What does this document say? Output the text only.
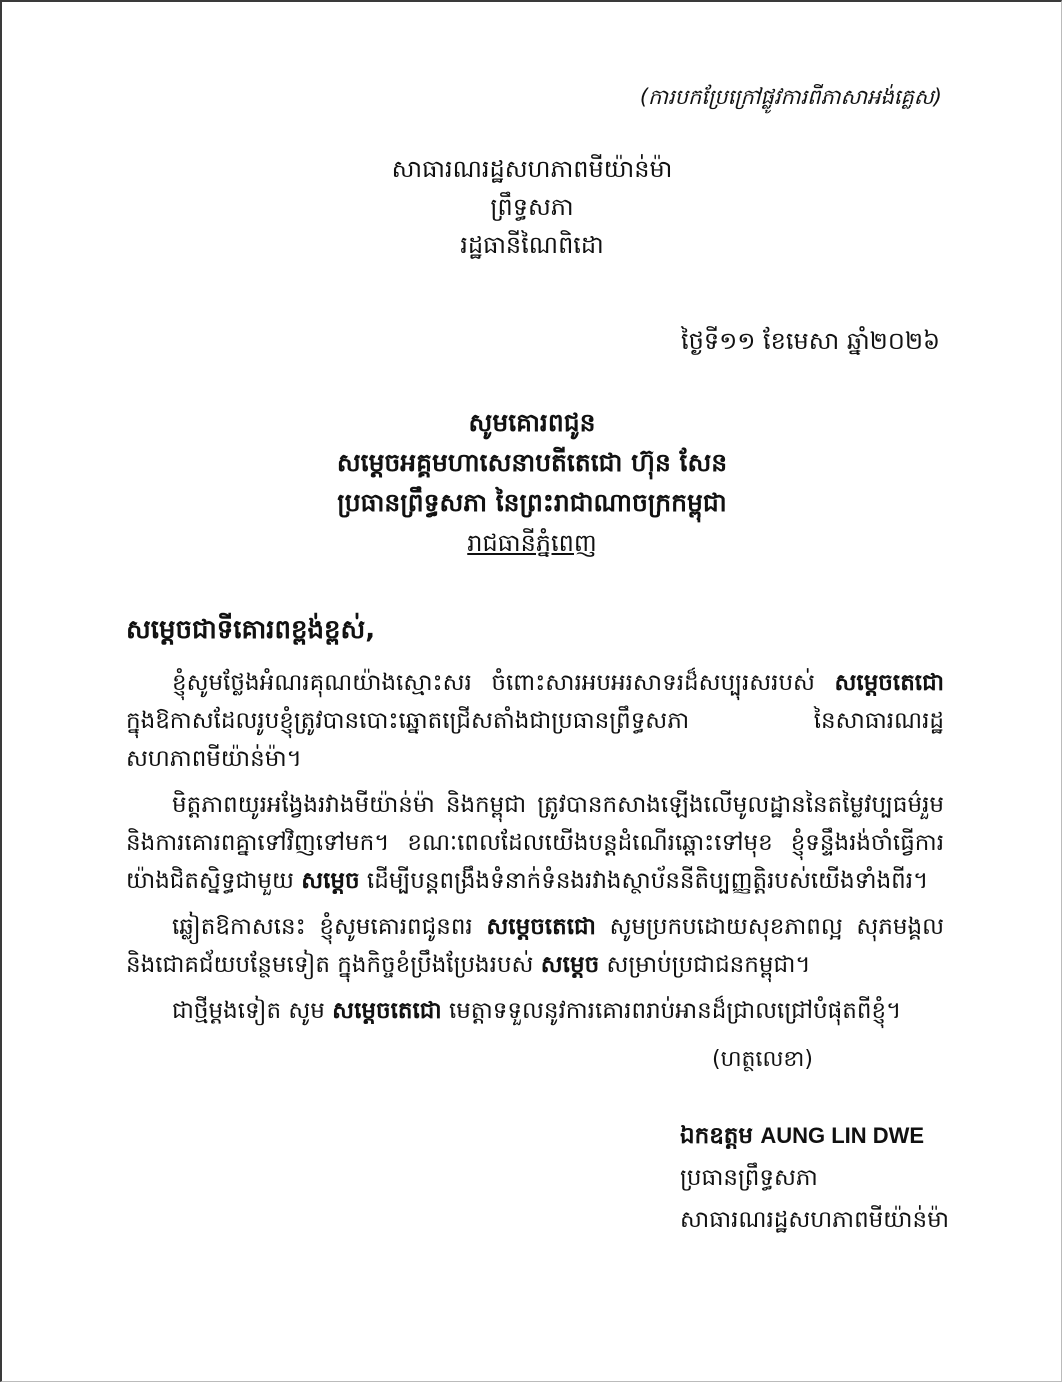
(ការបកប្រែក្រៅផ្លូវការពីភាសាអង់គ្លេស)
សាធារណរដ្ឋសហភាពមីយ៉ាន់ម៉ា
ព្រឹទ្ធសភា
រដ្ឋធានីណៃពិដោ
ថ្ងៃទី១១ ខែមេសា ឆ្នាំ២០២៦
សូមគោរពជូន
សម្តេចអគ្គមហាសេនាបតីតេជោ ហ៊ុន សែន
ប្រធានព្រឹទ្ធសភា នៃព្រះរាជាណាចក្រកម្ពុជា
រាជធានីភ្នំពេញ
សម្តេចជាទីគោរពខ្ពង់ខ្ពស់,

ខ្ញុំសូមថ្លែងអំណរគុណយ៉ាងស្មោះសរ ចំពោះសារអបអរសាទរដ៏សប្បុរសរបស់ សម្តេចតេជោ ក្នុងឱកាសដែលរូបខ្ញុំត្រូវបានបោះឆ្នោតជ្រើសតាំងជាប្រធានព្រឹទ្ធសភា នៃសាធារណរដ្ឋសហភាពមីយ៉ាន់ម៉ា។

មិត្តភាពយូរអង្វែងរវាងមីយ៉ាន់ម៉ា និងកម្ពុជា ត្រូវបានកសាងឡើងលើមូលដ្ឋាននៃតម្លៃវប្បធម៌រួម និងការគោរពគ្នាទៅវិញទៅមក។ ខណៈពេលដែលយើងបន្តដំណើរឆ្ពោះទៅមុខ ខ្ញុំទន្ទឹងរង់ចាំធ្វើការយ៉ាងជិតស្និទ្ធជាមួយ សម្តេច ដើម្បីបន្តពង្រឹងទំនាក់ទំនងរវាងស្ថាប័ននីតិប្បញ្ញត្តិរបស់យើងទាំងពីរ។

ឆ្លៀតឱកាសនេះ ខ្ញុំសូមគោរពជូនពរ សម្តេចតេជោ សូមប្រកបដោយសុខភាពល្អ សុភមង្គល និងជោគជ័យបន្ថែមទៀត ក្នុងកិច្ចខំប្រឹងប្រែងរបស់ សម្តេច សម្រាប់ប្រជាជនកម្ពុជា។

ជាថ្មីម្តងទៀត សូម សម្តេចតេជោ មេត្តាទទួលនូវការគោរពរាប់អានដ៏ជ្រាលជ្រៅបំផុតពីខ្ញុំ។

(ហត្ថលេខា)
ឯកឧត្តម AUNG LIN DWE
ប្រធានព្រឹទ្ធសភា
សាធារណរដ្ឋសហភាពមីយ៉ាន់ម៉ា
